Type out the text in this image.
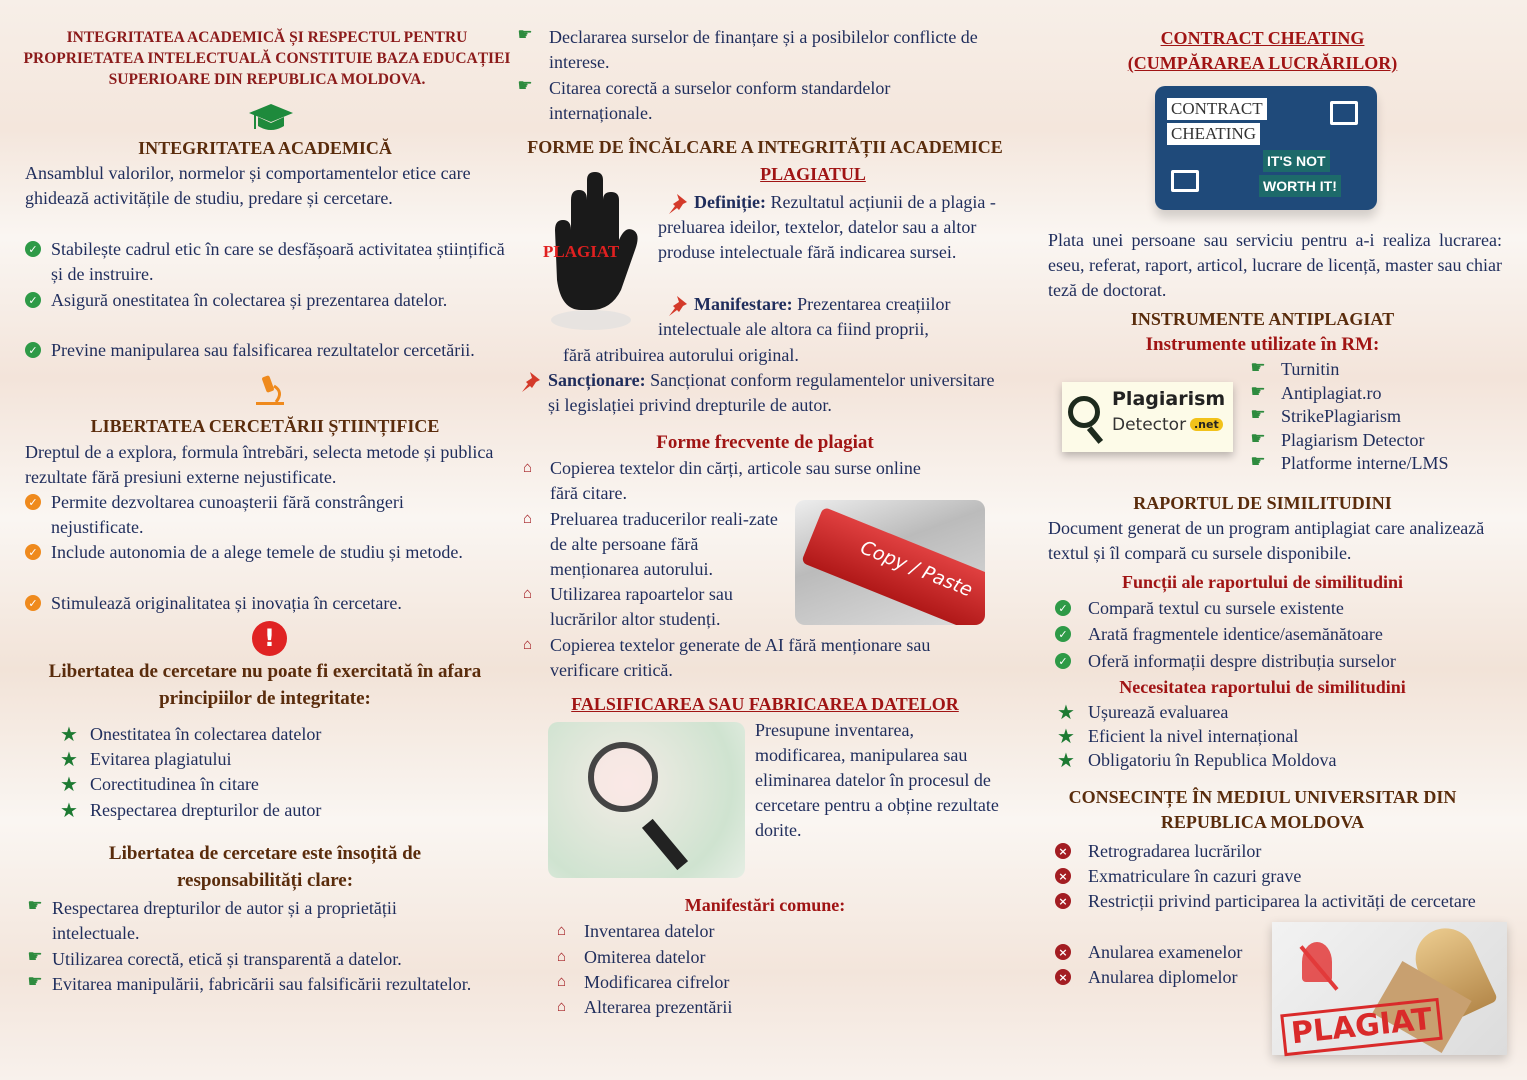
INTEGRITATEA ACADEMICĂ ȘI RESPECTUL PENTRU PROPRIETATEA INTELECTUALĂ CONSTITUIE BAZA EDUCAȚIEI SUPERIOARE DIN REPUBLICA MOLDOVA.
INTEGRITATEA ACADEMICĂ
Ansamblul valorilor, normelor și comportamentelor etice care ghidează activitățile de studiu, predare și cercetare.
✓ Stabilește cadrul etic în care se desfășoară activitatea științifică și de instruire.
✓ Asigură onestitatea în colectarea și prezentarea datelor.
✓ Previne manipularea sau falsificarea rezultatelor cercetării.
LIBERTATEA CERCETĂRII ȘTIINȚIFICE
Dreptul de a explora, formula întrebări, selecta metode și publica rezultate fără presiuni externe nejustificate.
✓ Permite dezvoltarea cunoașterii fără constrângeri nejustificate.
✓ Include autonomia de a alege temele de studiu și metode.
✓ Stimulează originalitatea și inovația în cercetare.
!
Libertatea de cercetare nu poate fi exercitată în afara principiilor de integritate:
★ Onestitatea în colectarea datelor
★ Evitarea plagiatului
★ Corectitudinea în citare
★ Respectarea drepturilor de autor
Libertatea de cercetare este însoțită de responsabilități clare:
☛ Respectarea drepturilor de autor și a proprietății intelectuale.
☛ Utilizarea corectă, etică și transparentă a datelor.
☛ Evitarea manipulării, fabricării sau falsificării rezultatelor.
☛ Declararea surselor de finanțare și a posibilelor conflicte de interese.
☛ Citarea corectă a surselor conform standardelor internaționale.
FORME DE ÎNCĂLCARE A INTEGRITĂȚII ACADEMICE
PLAGIATUL
PLAGIAT
Definiție: Rezultatul acțiunii de a plagia - preluarea ideilor, textelor, datelor sau a altor produse intelectuale fără indicarea sursei.
Manifestare: Prezentarea creațiilor intelectuale ale altora ca fiind proprii,
fără atribuirea autorului original.
Sancționare: Sancționat conform regulamentelor universitare și legislației privind drepturile de autor.
Forme frecvente de plagiat
Copy / Paste
⌂ Copierea textelor din cărți, articole sau surse online fără citare.
⌂ Preluarea traducerilor reali-zate de alte persoane fără menționarea autorului.
⌂ Utilizarea rapoartelor sau lucrărilor altor studenți.
⌂ Copierea textelor generate de AI fără menționare sau verificare critică.
FALSIFICAREA SAU FABRICAREA DATELOR
Presupune inventarea, modificarea, manipularea sau eliminarea datelor în procesul de cercetare pentru a obține rezultate dorite.
Manifestări comune:
⌂ Inventarea datelor
⌂ Omiterea datelor
⌂ Modificarea cifrelor
⌂ Alterarea prezentării
CONTRACT CHEATING
(CUMPĂRAREA LUCRĂRILOR)
CONTRACT
CHEATING
IT'S NOT
WORTH IT!
Plata unei persoane sau serviciu pentru a-i realiza lucrarea: eseu, referat, raport, articol, lucrare de licență, master sau chiar teză de doctorat.
INSTRUMENTE ANTIPLAGIAT
Instrumente utilizate în RM:
Plagiarism
Detector .net
☛ Turnitin
☛ Antiplagiat.ro
☛ StrikePlagiarism
☛ Plagiarism Detector
☛ Platforme interne/LMS
RAPORTUL DE SIMILITUDINI
Document generat de un program antiplagiat care analizează textul și îl compară cu sursele disponibile.
Funcții ale raportului de similitudini
✓ Compară textul cu sursele existente
✓ Arată fragmentele identice/asemănătoare
✓ Oferă informații despre distribuția surselor
Necesitatea raportului de similitudini
★ Ușurează evaluarea
★ Eficient la nivel internațional
★ Obligatoriu în Republica Moldova
CONSECINȚE ÎN MEDIUL UNIVERSITAR DIN REPUBLICA MOLDOVA
PLAGIAT
× Retrogradarea lucrărilor
× Exmatriculare în cazuri grave
× Restricții privind participarea la activități de cercetare
× Anularea examenelor
× Anularea diplomelor
